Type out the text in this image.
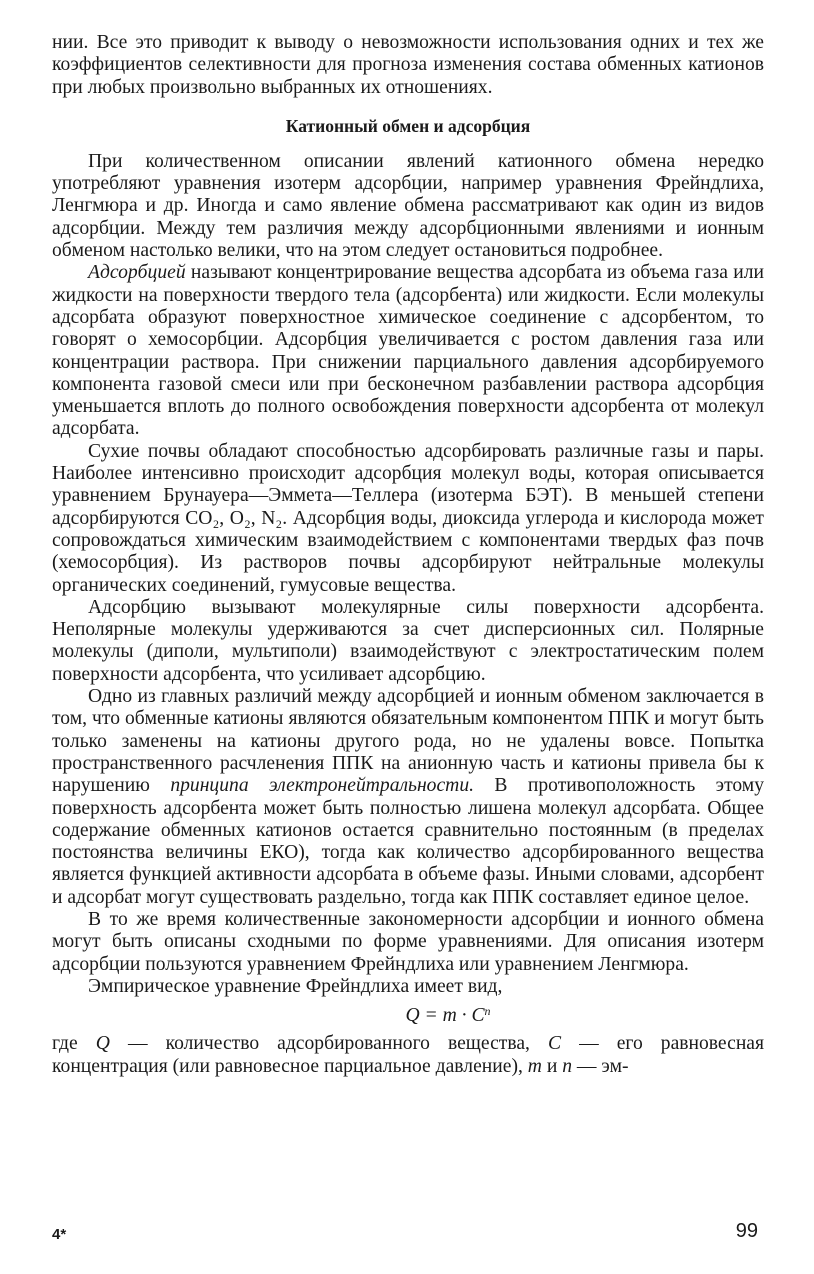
нии. Все это приводит к выводу о невозможности использования одних и тех же коэффициентов селективности для прогноза изменения состава обменных катионов при любых произвольно выбранных их отношениях.

Катионный обмен и адсорбция

При количественном описании явлений катионного обмена нередко употребляют уравнения изотерм адсорбции, например уравнения Фрейндлиха, Ленгмюра и др. Иногда и само явление обмена рассматривают как один из видов адсорбции. Между тем различия между адсорбционными явлениями и ионным обменом настолько велики, что на этом следует остановиться подробнее.

Адсорбцией называют концентрирование вещества адсорбата из объема газа или жидкости на поверхности твердого тела (адсорбента) или жидкости. Если молекулы адсорбата образуют поверхностное химическое соединение с адсорбентом, то говорят о хемосорбции. Адсорбция увеличивается с ростом давления газа или концентрации раствора. При снижении парциального давления адсорбируемого компонента газовой смеси или при бесконечном разбавлении раствора адсорбция уменьшается вплоть до полного освобождения поверхности адсорбента от молекул адсорбата.

Сухие почвы обладают способностью адсорбировать различные газы и пары. Наиболее интенсивно происходит адсорбция молекул воды, которая описывается уравнением Брунауера—Эммета—Теллера (изотерма БЭТ). В меньшей степени адсорбируются CO₂, O₂, N₂. Адсорбция воды, диоксида углерода и кислорода может сопровождаться химическим взаимодействием с компонентами твердых фаз почв (хемосорбция). Из растворов почвы адсорбируют нейтральные молекулы органических соединений, гумусовые вещества.

Адсорбцию вызывают молекулярные силы поверхности адсорбента. Неполярные молекулы удерживаются за счет дисперсионных сил. Полярные молекулы (диполи, мультиполи) взаимодействуют с электростатическим полем поверхности адсорбента, что усиливает адсорбцию.

Одно из главных различий между адсорбцией и ионным обменом заключается в том, что обменные катионы являются обязательным компонентом ППК и могут быть только заменены на катионы другого рода, но не удалены вовсе. Попытка пространственного расчленения ППК на анионную часть и катионы привела бы к нарушению принципа электронейтральности. В противоположность этому поверхность адсорбента может быть полностью лишена молекул адсорбата. Общее содержание обменных катионов остается сравнительно постоянным (в пределах постоянства величины ЕКО), тогда как количество адсорбированного вещества является функцией активности адсорбата в объеме фазы. Иными словами, адсорбент и адсорбат могут существовать раздельно, тогда как ППК составляет единое целое.

В то же время количественные закономерности адсорбции и ионного обмена могут быть описаны сходными по форме уравнениями. Для описания изотерм адсорбции пользуются уравнением Фрейндлиха или уравнением Ленгмюра.

Эмпирическое уравнение Фрейндлиха имеет вид,

$Q = m \cdot C^n$

где Q — количество адсорбированного вещества, C — его равновесная концентрация (или равновесное парциальное давление), m и n — эм-

4*	99
